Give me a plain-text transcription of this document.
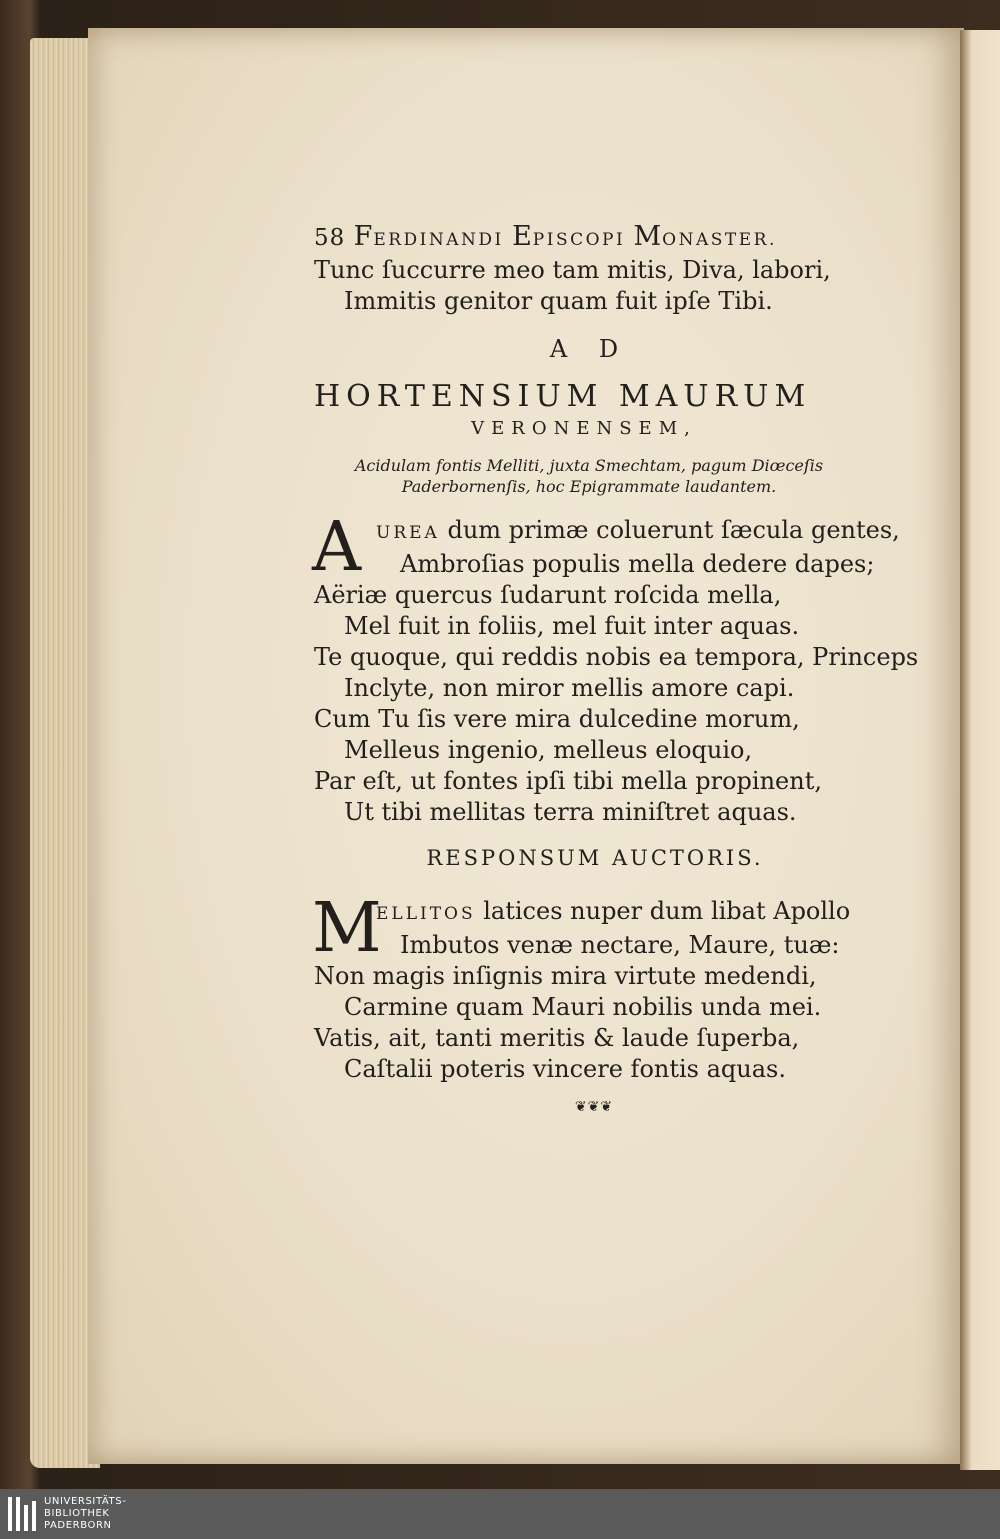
58 FERDINANDI EPISCOPI MONASTER.

Tunc ſuccurre meo tam mitis, Diva, labori,

Immitis genitor quam fuit ipſe Tibi.

A D

HORTENSIUM MAURUM

VERONENSEM,

Acidulam fontis Melliti, juxta Smechtam, pagum Diœceſis
Paderbornenſis, hoc Epigrammate laudantem.
A UREA dum primæ coluerunt ſæcula gentes,

Ambroſias populis mella dedere dapes;

Aëriæ quercus ſudarunt roſcida mella,

Mel fuit in foliis, mel fuit inter aquas.

Te quoque, qui reddis nobis ea tempora, Princeps

Inclyte, non miror mellis amore capi.

Cum Tu ſis vere mira dulcedine morum,

Melleus ingenio, melleus eloquio,

Par eſt, ut fontes ipſi tibi mella propinent,

Ut tibi mellitas terra miniſtret aquas.

RESPONSUM AUCTORIS.

M

ELLITOS latices nuper dum libat Apollo

Imbutos venæ nectare, Maure, tuæ:

Non magis inſignis mira virtute medendi,

Carmine quam Mauri nobilis unda mei.

Vatis, ait, tanti meritis & laude ſuperba,

Caſtalii poteris vincere fontis aquas.

❦❦❦
UNIVERSITÄTS-
BIBLIOTHEK
PADERBORN
